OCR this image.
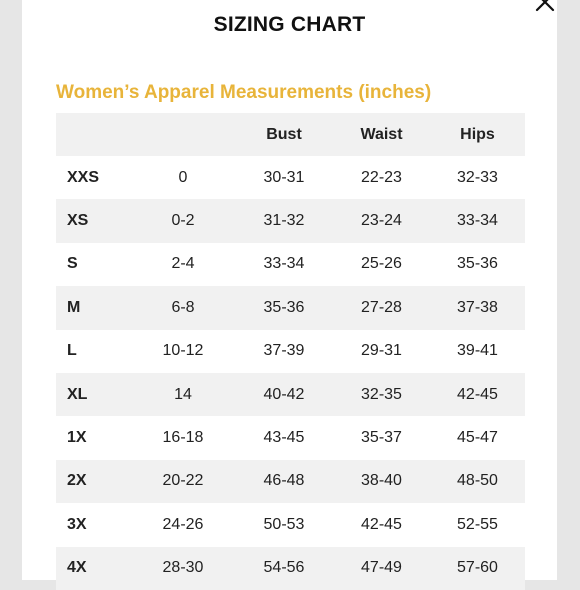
SIZING CHART
Women’s Apparel Measurements (inches)
		Bust	Waist	Hips
XXS	0	30-31	22-23	32-33
XS	0-2	31-32	23-24	33-34
S	2-4	33-34	25-26	35-36
M	6-8	35-36	27-28	37-38
L	10-12	37-39	29-31	39-41
XL	14	40-42	32-35	42-45
1X	16-18	43-45	35-37	45-47
2X	20-22	46-48	38-40	48-50
3X	24-26	50-53	42-45	52-55
4X	28-30	54-56	47-49	57-60
